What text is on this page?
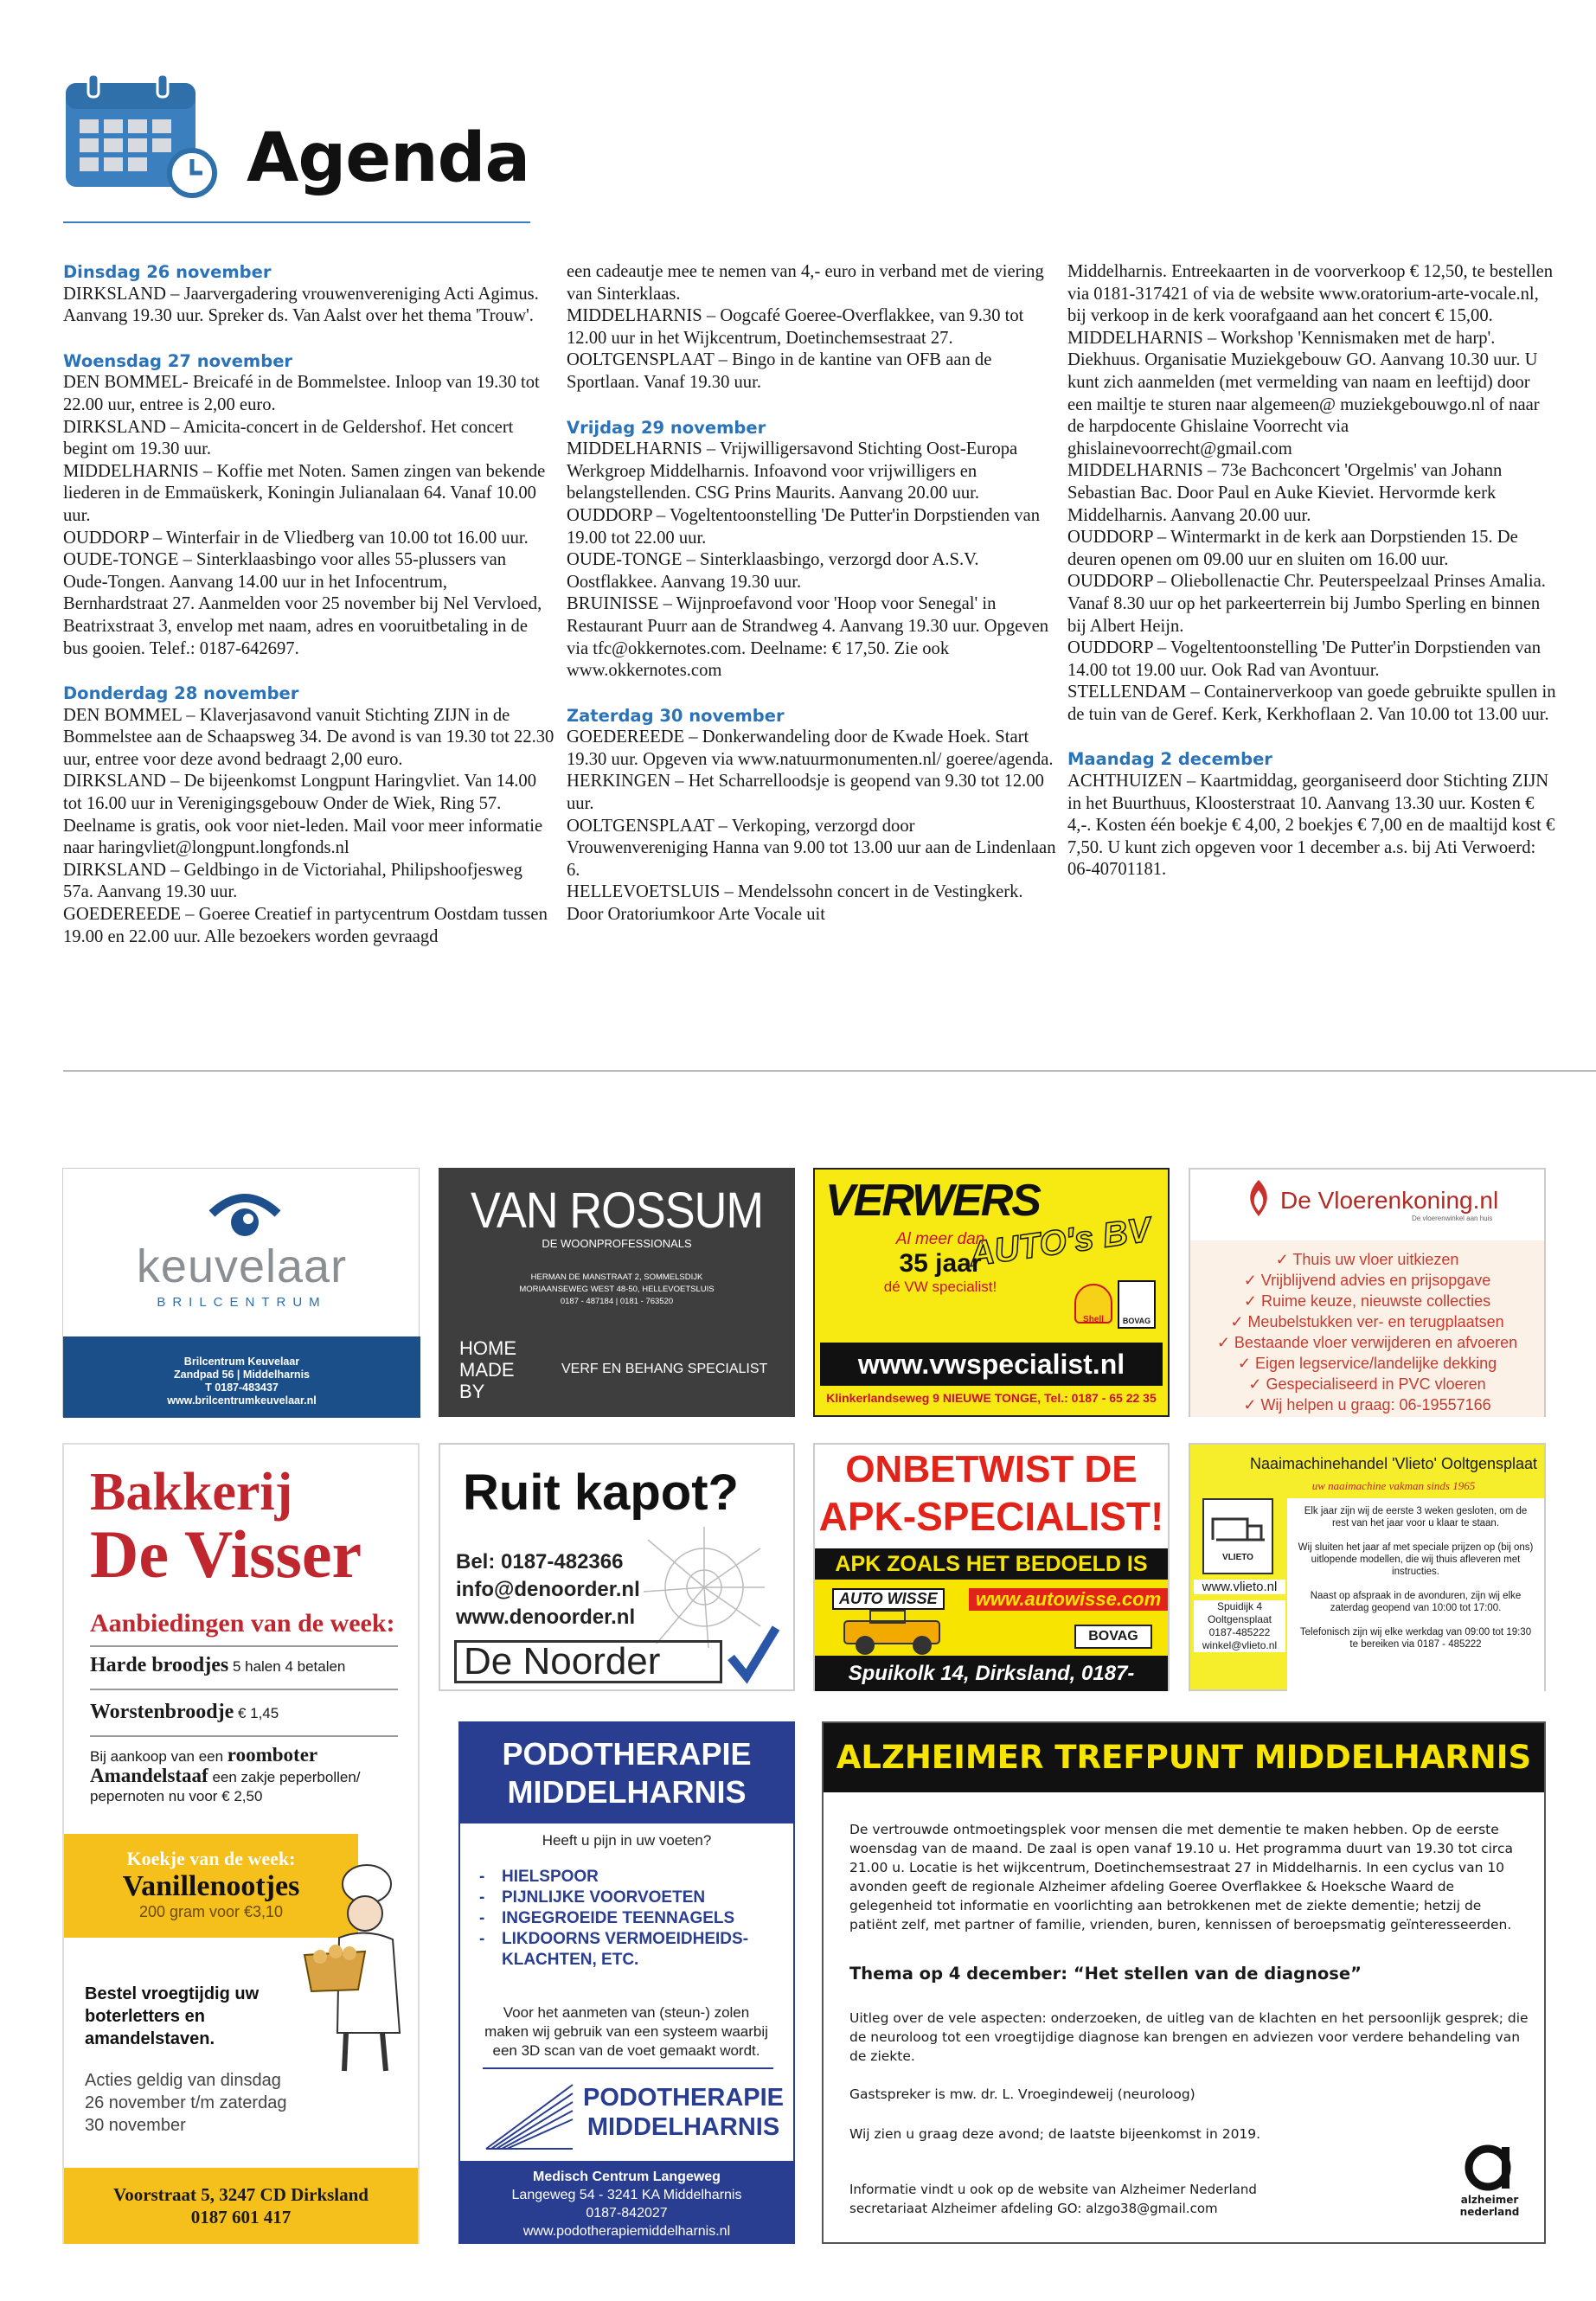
Agenda
Dinsdag 26 november

DIRKSLAND – Jaarvergadering vrouwenvereniging Acti Agimus. Aanvang 19.30 uur. Spreker ds. Van Aalst over het thema 'Trouw'.

Woensdag 27 november

DEN BOMMEL- Breicafé in de Bommelstee. Inloop van 19.30 tot 22.00 uur, entree is 2,00 euro.

DIRKSLAND – Amicita-concert in de Geldershof. Het concert begint om 19.30 uur.

MIDDELHARNIS – Koffie met Noten. Samen zingen van bekende liederen in de Emmaüskerk, Koningin Julianalaan 64. Vanaf 10.00 uur.

OUDDORP – Winterfair in de Vliedberg van 10.00 tot 16.00 uur.

OUDE-TONGE – Sinterklaasbingo voor alles 55-plussers van Oude-Tongen. Aanvang 14.00 uur in het Infocentrum, Bernhardstraat 27. Aanmelden voor 25 november bij Nel Vervloed, Beatrixstraat 3, envelop met naam, adres en vooruitbetaling in de bus gooien. Telef.: 0187-642697.

Donderdag 28 november

DEN BOMMEL – Klaverjasavond vanuit Stichting ZIJN in de Bommelstee aan de Schaapsweg 34. De avond is van 19.30 tot 22.30 uur, entree voor deze avond bedraagt 2,00 euro.

DIRKSLAND – De bijeenkomst Longpunt Haringvliet. Van 14.00 tot 16.00 uur in Verenigingsgebouw Onder de Wiek, Ring 57. Deelname is gratis, ook voor niet-leden. Mail voor meer informatie naar haringvliet@longpunt.longfonds.nl

DIRKSLAND – Geldbingo in de Victoriahal, Philipshoofjesweg 57a. Aanvang 19.30 uur.

GOEDEREEDE – Goeree Creatief in partycentrum Oostdam tussen 19.00 en 22.00 uur. Alle bezoekers worden gevraagd

een cadeautje mee te nemen van 4,- euro in verband met de viering van Sinterklaas.

MIDDELHARNIS – Oogcafé Goeree-Overflakkee, van 9.30 tot 12.00 uur in het Wijkcentrum, Doetinchemsestraat 27.

OOLTGENSPLAAT – Bingo in de kantine van OFB aan de Sportlaan. Vanaf 19.30 uur.

Vrijdag 29 november

MIDDELHARNIS – Vrijwilligersavond Stichting Oost-Europa Werkgroep Middelharnis. Infoavond voor vrijwilligers en belangstellenden. CSG Prins Maurits. Aanvang 20.00 uur.

OUDDORP – Vogeltentoonstelling 'De Putter'in Dorpstienden van 19.00 tot 22.00 uur.

OUDE-TONGE – Sinterklaasbingo, verzorgd door A.S.V. Oostflakkee. Aanvang 19.30 uur.

BRUINISSE – Wijnproefavond voor 'Hoop voor Senegal' in Restaurant Puurr aan de Strandweg 4. Aanvang 19.30 uur. Opgeven via tfc@okkernotes.com. Deelname: € 17,50. Zie ook www.okkernotes.com

Zaterdag 30 november

GOEDEREEDE – Donkerwandeling door de Kwade Hoek. Start 19.30 uur. Opgeven via www.natuurmonumenten.nl/ goeree/agenda.

HERKINGEN – Het Scharrelloodsje is geopend van 9.30 tot 12.00 uur.

OOLTGENSPLAAT – Verkoping, verzorgd door Vrouwenvereniging Hanna van 9.00 tot 13.00 uur aan de Lindenlaan 6.

HELLEVOETSLUIS – Mendelssohn concert in de Vestingkerk. Door Oratoriumkoor Arte Vocale uit

Middelharnis. Entreekaarten in de voorverkoop € 12,50, te bestellen via 0181-317421 of via de website www.oratorium-arte-vocale.nl, bij verkoop in de kerk voorafgaand aan het concert € 15,00.

MIDDELHARNIS – Workshop 'Kennismaken met de harp'. Diekhuus. Organisatie Muziekgebouw GO. Aanvang 10.30 uur. U kunt zich aanmelden (met vermelding van naam en leeftijd) door een mailtje te sturen naar algemeen@ muziekgebouwgo.nl of naar de harpdocente Ghislaine Voorrecht via ghislainevoorrecht@gmail.com

MIDDELHARNIS – 73e Bachconcert 'Orgelmis' van Johann Sebastian Bac. Door Paul en Auke Kieviet. Hervormde kerk Middelharnis. Aanvang 20.00 uur.

OUDDORP – Wintermarkt in de kerk aan Dorpstienden 15. De deuren openen om 09.00 uur en sluiten om 16.00 uur.

OUDDORP – Oliebollenactie Chr. Peuterspeelzaal Prinses Amalia. Vanaf 8.30 uur op het parkeerterrein bij Jumbo Sperling en binnen bij Albert Heijn.

OUDDORP – Vogeltentoonstelling 'De Putter'in Dorpstienden van 14.00 tot 19.00 uur. Ook Rad van Avontuur.

STELLENDAM – Containerverkoop van goede gebruikte spullen in de tuin van de Geref. Kerk, Kerkhoflaan 2. Van 10.00 tot 13.00 uur.

Maandag 2 december

ACHTHUIZEN – Kaartmiddag, georganiseerd door Stichting ZIJN in het Buurthuus, Kloosterstraat 10. Aanvang 13.30 uur. Kosten € 4,-. Kosten één boekje € 4,00, 2 boekjes € 7,00 en de maaltijd kost € 7,50. U kunt zich opgeven voor 1 december a.s. bij Ati Verwoerd: 06-40701181.

keuvelaar
BRILCENTRUM
Brilcentrum Keuvelaar
Zandpad 56 | Middelharnis
T 0187-483437
www.brilcentrumkeuvelaar.nl
VAN ROSSUM
DE WOONPROFESSIONALS
HERMAN DE MANSTRAAT 2, SOMMELSDIJK
MORIAANSEWEG WEST 48-50, HELLEVOETSLUIS
0187 - 487184 | 0181 - 763520
HOME
MADE
BY
VERF EN BEHANG SPECIALIST
VERWERS
AUTO's BV
Al meer dan
35 jaar
dé VW specialist!
Shell	BOVAG
www.vwspecialist.nl
Klinkerlandseweg 9 NIEUWE TONGE, Tel.: 0187 - 65 22 35
De Vloerenkoning.nl
De vloerenwinkel aan huis
✓ Thuis uw vloer uitkiezen
✓ Vrijblijvend advies en prijsopgave
✓ Ruime keuze, nieuwste collecties
✓ Meubelstukken ver- en terugplaatsen
✓ Bestaande vloer verwijderen en afvoeren
✓ Eigen legservice/landelijke dekking
✓ Gespecialiseerd in PVC vloeren
✓ Wij helpen u graag: 06-19557166
Bakkerij
De Visser
Aanbiedingen van de week:
Harde broodjes 5 halen 4 betalen
Worstenbroodje € 1,45
Bij aankoop van een roomboter Amandelstaaf een zakje peperbollen/ pepernoten nu voor € 2,50
Koekje van de week:
Vanillenootjes
200 gram voor €3,10
Bestel vroegtijdig uw boterletters en amandelstaven.
Acties geldig van dinsdag 26 november t/m zaterdag 30 november
Voorstraat 5, 3247 CD Dirksland
0187 601 417
Ruit kapot?
Bel: 0187-482366
info@denoorder.nl
www.denoorder.nl
De Noorder
ONBETWIST DE
APK-SPECIALIST!
APK ZOALS HET BEDOELD IS
AUTO WISSE	www.autowisse.com
BOVAG
Spuikolk 14, Dirksland, 0187-609260
Naaimachinehandel 'Vlieto' Ooltgensplaat
uw naaimachine vakman sinds 1965
VLIETO
www.vlieto.nl
Spuidijk 4
Ooltgensplaat
0187-485222
winkel@vlieto.nl
Elk jaar zijn wij de eerste 3 weken gesloten, om de rest van het jaar voor u klaar te staan.
Wij sluiten het jaar af met speciale prijzen op (bij ons) uitlopende modellen, die wij thuis afleveren met instructies.
Naast op afspraak in de avonduren, zijn wij elke zaterdag geopend van 10:00 tot 17:00.
Telefonisch zijn wij elke werkdag van 09:00 tot 19:30 te bereiken via 0187 - 485222
PODOTHERAPIE
MIDDELHARNIS
Heeft u pijn in uw voeten?
-	HIELSPOOR
-	PIJNLIJKE VOORVOETEN
-	INGEGROEIDE TEENNAGELS
-	LIKDOORNS VERMOEIDHEIDS- KLACHTEN, ETC.
Voor het aanmeten van (steun-) zolen maken wij gebruik van een systeem waarbij een 3D scan van de voet gemaakt wordt.
PODOTHERAPIE
MIDDELHARNIS
Medisch Centrum Langeweg
Langeweg 54 - 3241 KA Middelharnis
0187-842027
www.podotherapiemiddelharnis.nl
ALZHEIMER TREFPUNT MIDDELHARNIS
De vertrouwde ontmoetingsplek voor mensen die met dementie te maken hebben. Op de eerste woensdag van de maand. De zaal is open vanaf 19.10 u. Het programma duurt van 19.30 tot circa 21.00 u. Locatie is het wijkcentrum, Doetinchemsestraat 27 in Middelharnis. In een cyclus van 10 avonden geeft de regionale Alzheimer afdeling Goeree Overflakkee & Hoeksche Waard de gelegenheid tot informatie en voorlichting aan betrokkenen met de ziekte dementie; hetzij de patiënt zelf, met partner of familie, vrienden, buren, kennissen of beroepsmatig geïnteresseerden.
Thema op 4 december: “Het stellen van de diagnose”
Uitleg over de vele aspecten: onderzoeken, de uitleg van de klachten en het persoonlijk gesprek; die de neuroloog tot een vroegtijdige diagnose kan brengen en adviezen voor verdere behandeling van de ziekte.
Gastspreker is mw. dr. L. Vroegindeweij (neuroloog)
Wij zien u graag deze avond; de laatste bijeenkomst in 2019.
Informatie vindt u ook op de website van Alzheimer Nederland
secretariaat Alzheimer afdeling GO: alzgo38@gmail.com
alzheimer
nederland
